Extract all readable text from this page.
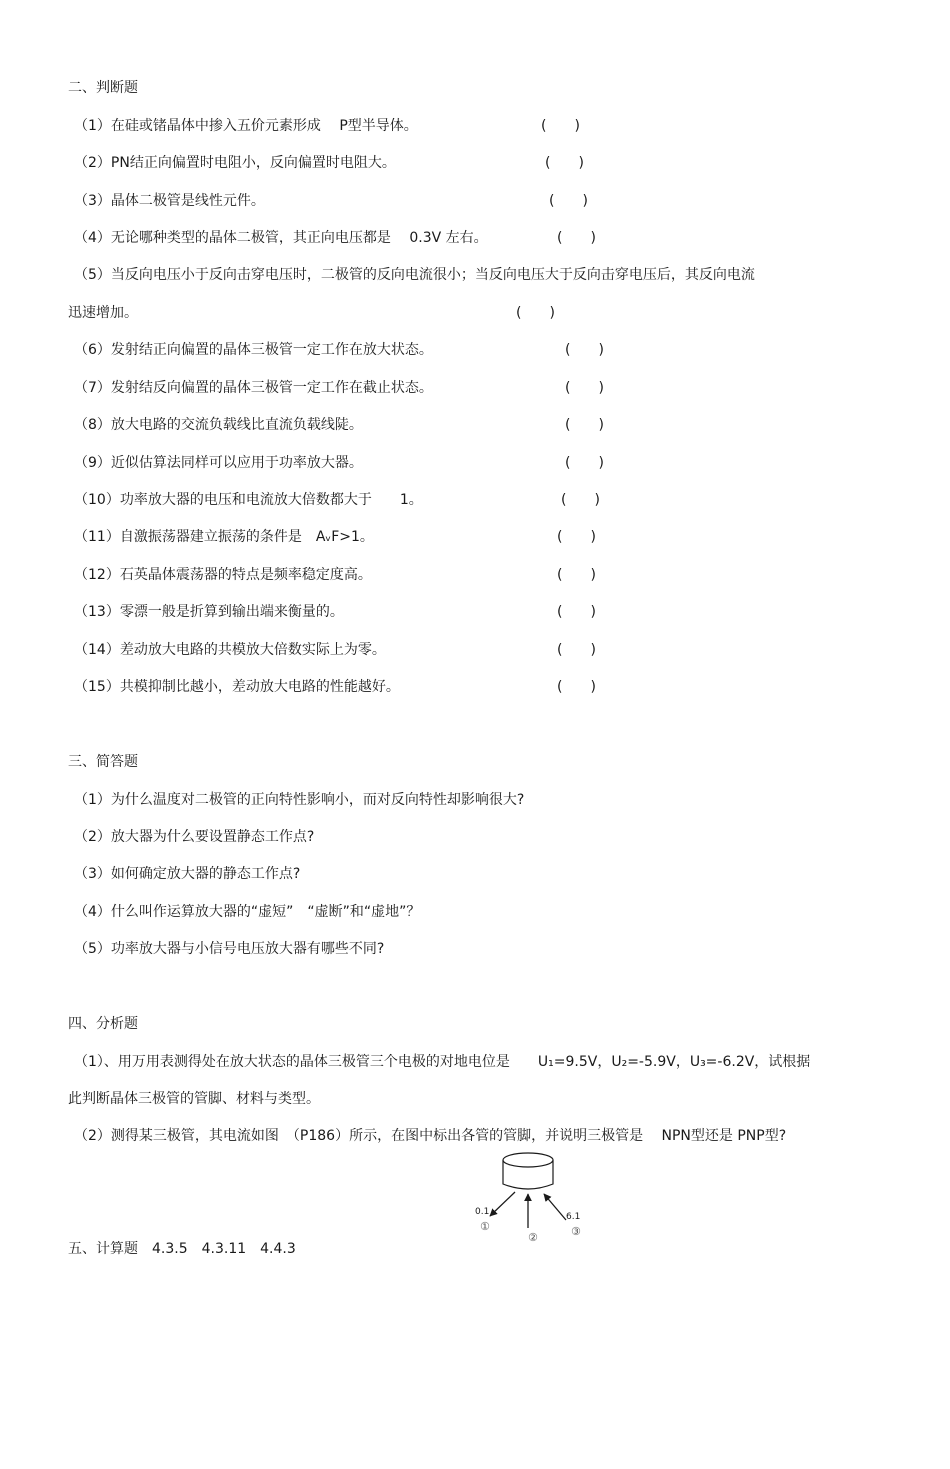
二、判断题
（1）在硅或锗晶体中掺入五价元素形成　 P型半导体。	(　　)
（2）PN结正向偏置时电阻小，反向偏置时电阻大。	(　　)
（3）晶体二极管是线性元件。	(　　)
（4）无论哪种类型的晶体二极管，其正向电压都是　 0.3V 左右。	(　　)
（5）当反向电压小于反向击穿电压时，二极管的反向电流很小；当反向电压大于反向击穿电压后，其反向电流
迅速增加。	(　　)
（6）发射结正向偏置的晶体三极管一定工作在放大状态。	(　　)
（7）发射结反向偏置的晶体三极管一定工作在截止状态。	(　　)
（8）放大电路的交流负载线比直流负载线陡。	(　　)
（9）近似估算法同样可以应用于功率放大器。	(　　)
（10）功率放大器的电压和电流放大倍数都大于　　1。	(　　)
（11）自激振荡器建立振荡的条件是　AᵥF>1。	(　　)
（12）石英晶体震荡器的特点是频率稳定度高。	(　　)
（13）零漂一般是折算到输出端来衡量的。	(　　)
（14）差动放大电路的共模放大倍数实际上为零。	(　　)
（15）共模抑制比越小，差动放大电路的性能越好。	(　　)
三、简答题
（1）为什么温度对二极管的正向特性影响小，而对反向特性却影响很大?
（2）放大器为什么要设置静态工作点?
（3）如何确定放大器的静态工作点?
（4）什么叫作运算放大器的“虚短”　“虚断”和“虚地”？
（5）功率放大器与小信号电压放大器有哪些不同?
四、分析题
（1）、用万用表测得处在放大状态的晶体三极管三个电极的对地电位是　　U₁=9.5V，U₂=-5.9V，U₃=-6.2V，试根据
此判断晶体三极管的管脚、材料与类型。
（2）测得某三极管，其电流如图　（P186）所示，在图中标出各管的管脚，并说明三极管是　 NPN型还是 PNP型?
0.1	6.1
①
②	③
五、计算题　4.3.5　4.3.11　4.4.3
